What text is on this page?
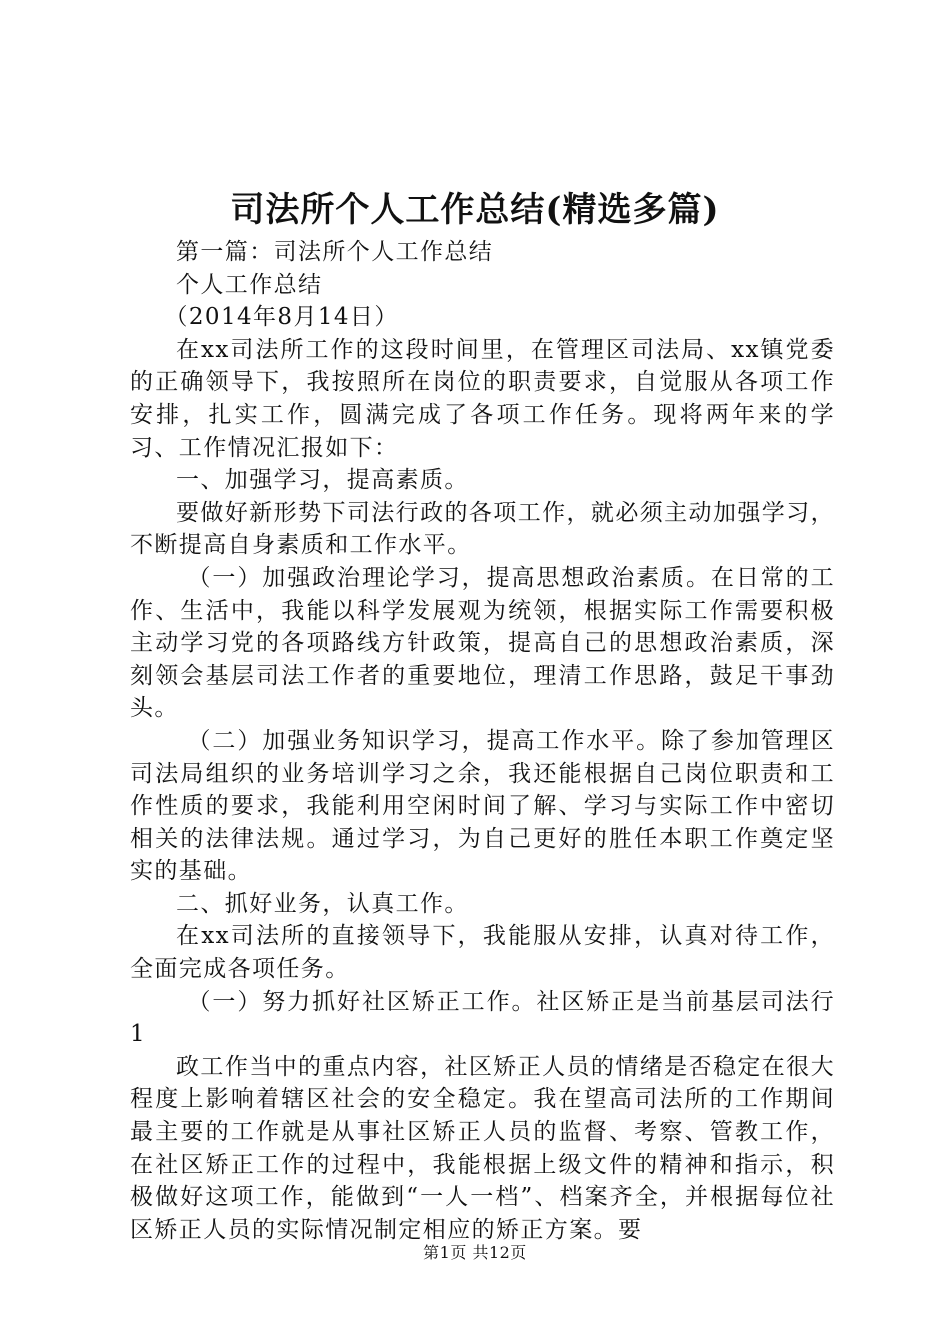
司法所个人工作总结(精选多篇)

第一篇：司法所个人工作总结

个人工作总结

（2014年8月14日）

在xx司法所工作的这段时间里，在管理区司法局、xx镇党委的正确领导下，我按照所在岗位的职责要求，自觉服从各项工作安排，扎实工作，圆满完成了各项工作任务。现将两年来的学习、工作情况汇报如下：

一、加强学习，提高素质。

要做好新形势下司法行政的各项工作，就必须主动加强学习，不断提高自身素质和工作水平。

（一）加强政治理论学习，提高思想政治素质。在日常的工作、生活中，我能以科学发展观为统领，根据实际工作需要积极主动学习党的各项路线方针政策，提高自己的思想政治素质，深刻领会基层司法工作者的重要地位，理清工作思路，鼓足干事劲头。

（二）加强业务知识学习，提高工作水平。除了参加管理区司法局组织的业务培训学习之余，我还能根据自己岗位职责和工作性质的要求，我能利用空闲时间了解、学习与实际工作中密切相关的法律法规。通过学习，为自己更好的胜任本职工作奠定坚实的基础。

二、抓好业务，认真工作。

在xx司法所的直接领导下，我能服从安排，认真对待工作，全面完成各项任务。

（一）努力抓好社区矫正工作。社区矫正是当前基层司法行1

政工作当中的重点内容，社区矫正人员的情绪是否稳定在很大程度上影响着辖区社会的安全稳定。我在望高司法所的工作期间最主要的工作就是从事社区矫正人员的监督、考察、管教工作，在社区矫正工作的过程中，我能根据上级文件的精神和指示，积极做好这项工作，能做到“一人一档”、档案齐全，并根据每位社区矫正人员的实际情况制定相应的矫正方案。要

第1页 共12页
